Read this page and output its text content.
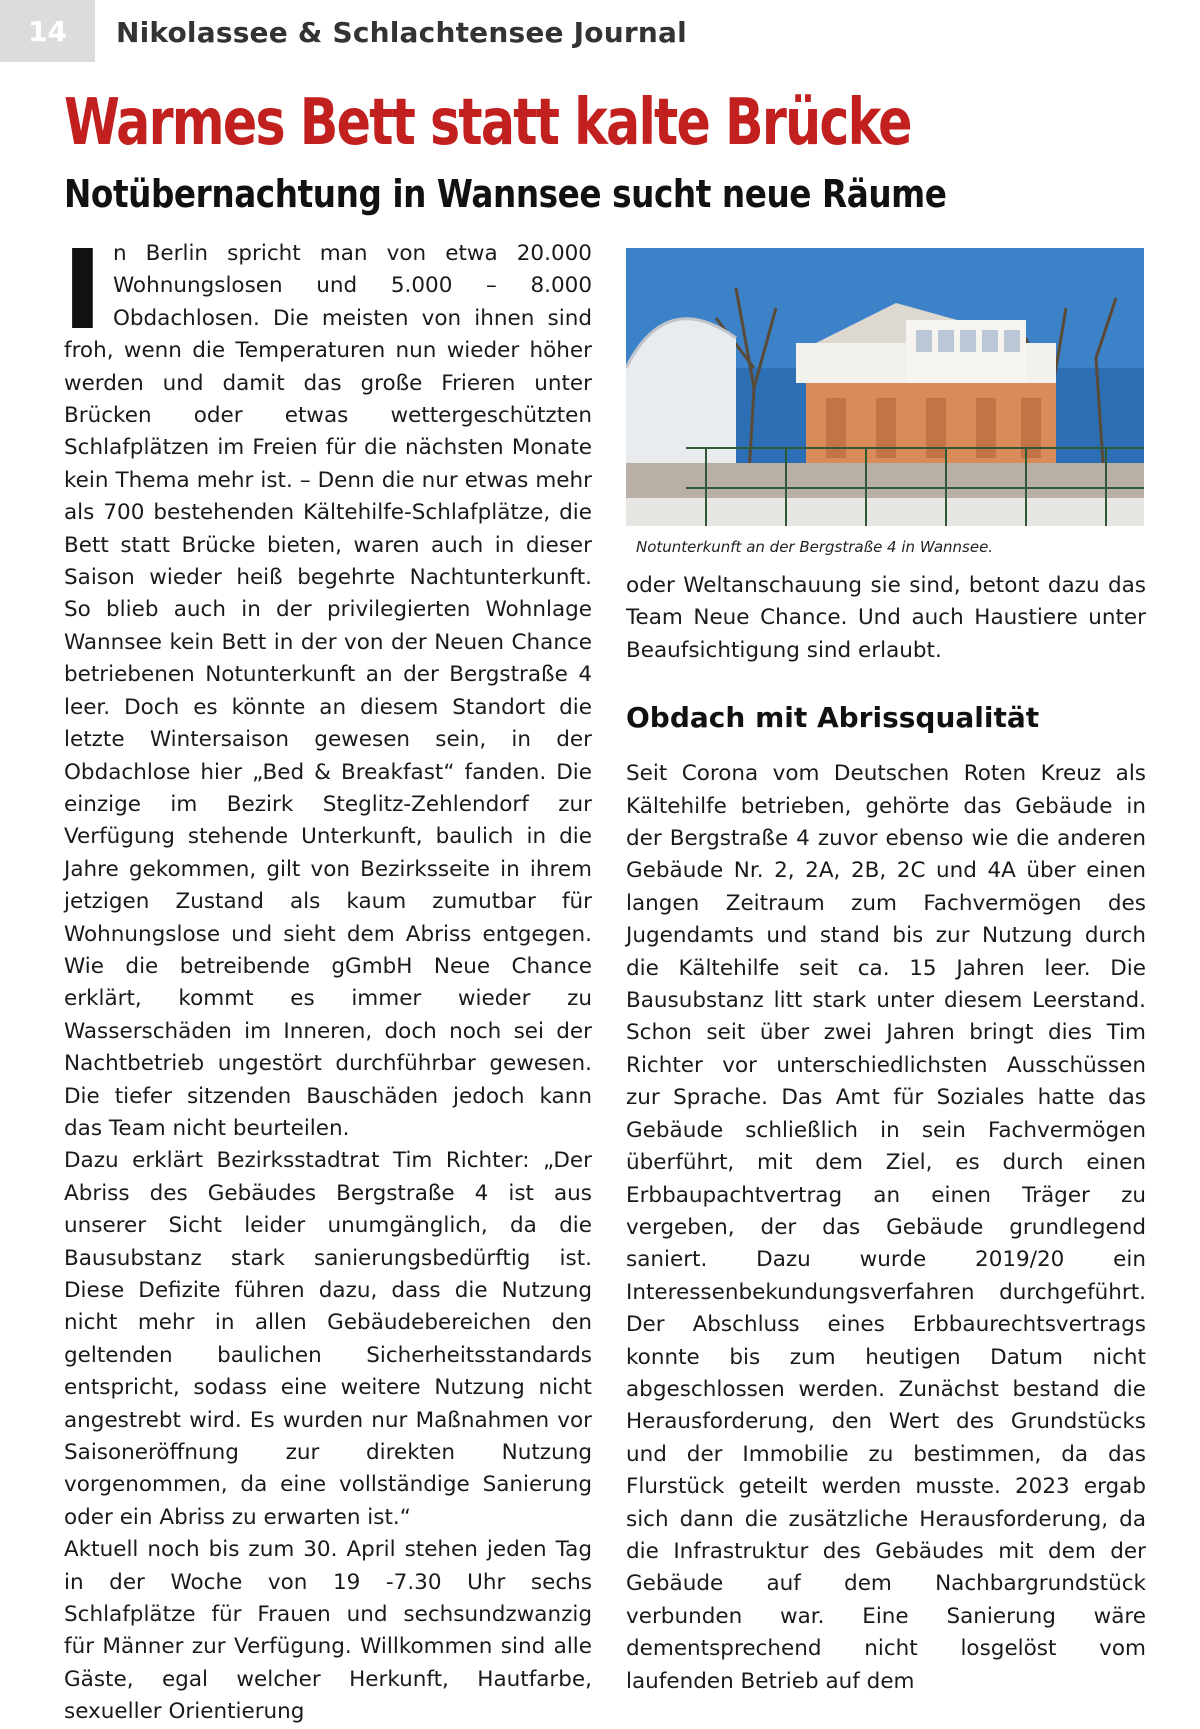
14	Nikolassee & Schlachtensee Journal
Warmes Bett statt kalte Brücke
Notübernachtung in Wannsee sucht neue Räume

In Berlin spricht man von etwa 20.000 Wohnungslosen und 5.000 – 8.000 Obdachlosen. Die meisten von ihnen sind froh, wenn die Temperaturen nun wieder höher werden und damit das große Frieren unter Brücken oder etwas wettergeschützten Schlafplätzen im Freien für die nächsten Monate kein Thema mehr ist. – Denn die nur etwas mehr als 700 bestehenden Kältehilfe-Schlafplätze, die Bett statt Brücke bieten, waren auch in dieser Saison wieder heiß begehrte Nachtunterkunft. So blieb auch in der privilegierten Wohnlage Wannsee kein Bett in der von der Neuen Chance betriebenen Notunterkunft an der Bergstraße 4 leer. Doch es könnte an diesem Standort die letzte Wintersaison gewesen sein, in der Obdachlose hier „Bed & Breakfast“ fanden. Die einzige im Bezirk Steglitz-Zehlendorf zur Verfügung stehende Unterkunft, baulich in die Jahre gekommen, gilt von Bezirksseite in ihrem jetzigen Zustand als kaum zumutbar für Wohnungslose und sieht dem Abriss entgegen. Wie die betreibende gGmbH Neue Chance erklärt, kommt es immer wieder zu Wasserschäden im Inneren, doch noch sei der Nachtbetrieb ungestört durchführbar gewesen. Die tiefer sitzenden Bauschäden jedoch kann das Team nicht beurteilen.

Dazu erklärt Bezirksstadtrat Tim Richter: „Der Abriss des Gebäudes Bergstraße 4 ist aus unserer Sicht leider unumgänglich, da die Bausubstanz stark sanierungsbedürftig ist. Diese Defizite führen dazu, dass die Nutzung nicht mehr in allen Gebäudebereichen den geltenden baulichen Sicherheitsstandards entspricht, sodass eine weitere Nutzung nicht angestrebt wird. Es wurden nur Maßnahmen vor Saisoneröffnung zur direkten Nutzung vorgenommen, da eine vollständige Sanierung oder ein Abriss zu erwarten ist.“

Aktuell noch bis zum 30. April stehen jeden Tag in der Woche von 19 -7.30 Uhr sechs Schlafplätze für Frauen und sechsundzwanzig für Männer zur Verfügung. Willkommen sind alle Gäste, egal welcher Herkunft, Hautfarbe, sexueller Orientierung

Notunterkunft an der Bergstraße 4 in Wannsee.

oder Weltanschauung sie sind, betont dazu das Team Neue Chance. Und auch Haustiere unter Beaufsichtigung sind erlaubt.

Obdach mit Abrissqualität

Seit Corona vom Deutschen Roten Kreuz als Kältehilfe betrieben, gehörte das Gebäude in der Bergstraße 4 zuvor ebenso wie die anderen Gebäude Nr. 2, 2A, 2B, 2C und 4A über einen langen Zeitraum zum Fachvermögen des Jugendamts und stand bis zur Nutzung durch die Kältehilfe seit ca. 15 Jahren leer. Die Bausubstanz litt stark unter diesem Leerstand. Schon seit über zwei Jahren bringt dies Tim Richter vor unterschiedlichsten Ausschüssen zur Sprache. Das Amt für Soziales hatte das Gebäude schließlich in sein Fachvermögen überführt, mit dem Ziel, es durch einen Erbbaupachtvertrag an einen Träger zu vergeben, der das Gebäude grundlegend saniert. Dazu wurde 2019/20 ein Interessenbekundungsverfahren durchgeführt. Der Abschluss eines Erbbaurechtsvertrags konnte bis zum heutigen Datum nicht abgeschlossen werden. Zunächst bestand die Herausforderung, den Wert des Grundstücks und der Immobilie zu bestimmen, da das Flurstück geteilt werden musste. 2023 ergab sich dann die zusätzliche Herausforderung, da die Infrastruktur des Gebäudes mit dem der Gebäude auf dem Nachbargrundstück verbunden war. Eine Sanierung wäre dementsprechend nicht losgelöst vom laufenden Betrieb auf dem
